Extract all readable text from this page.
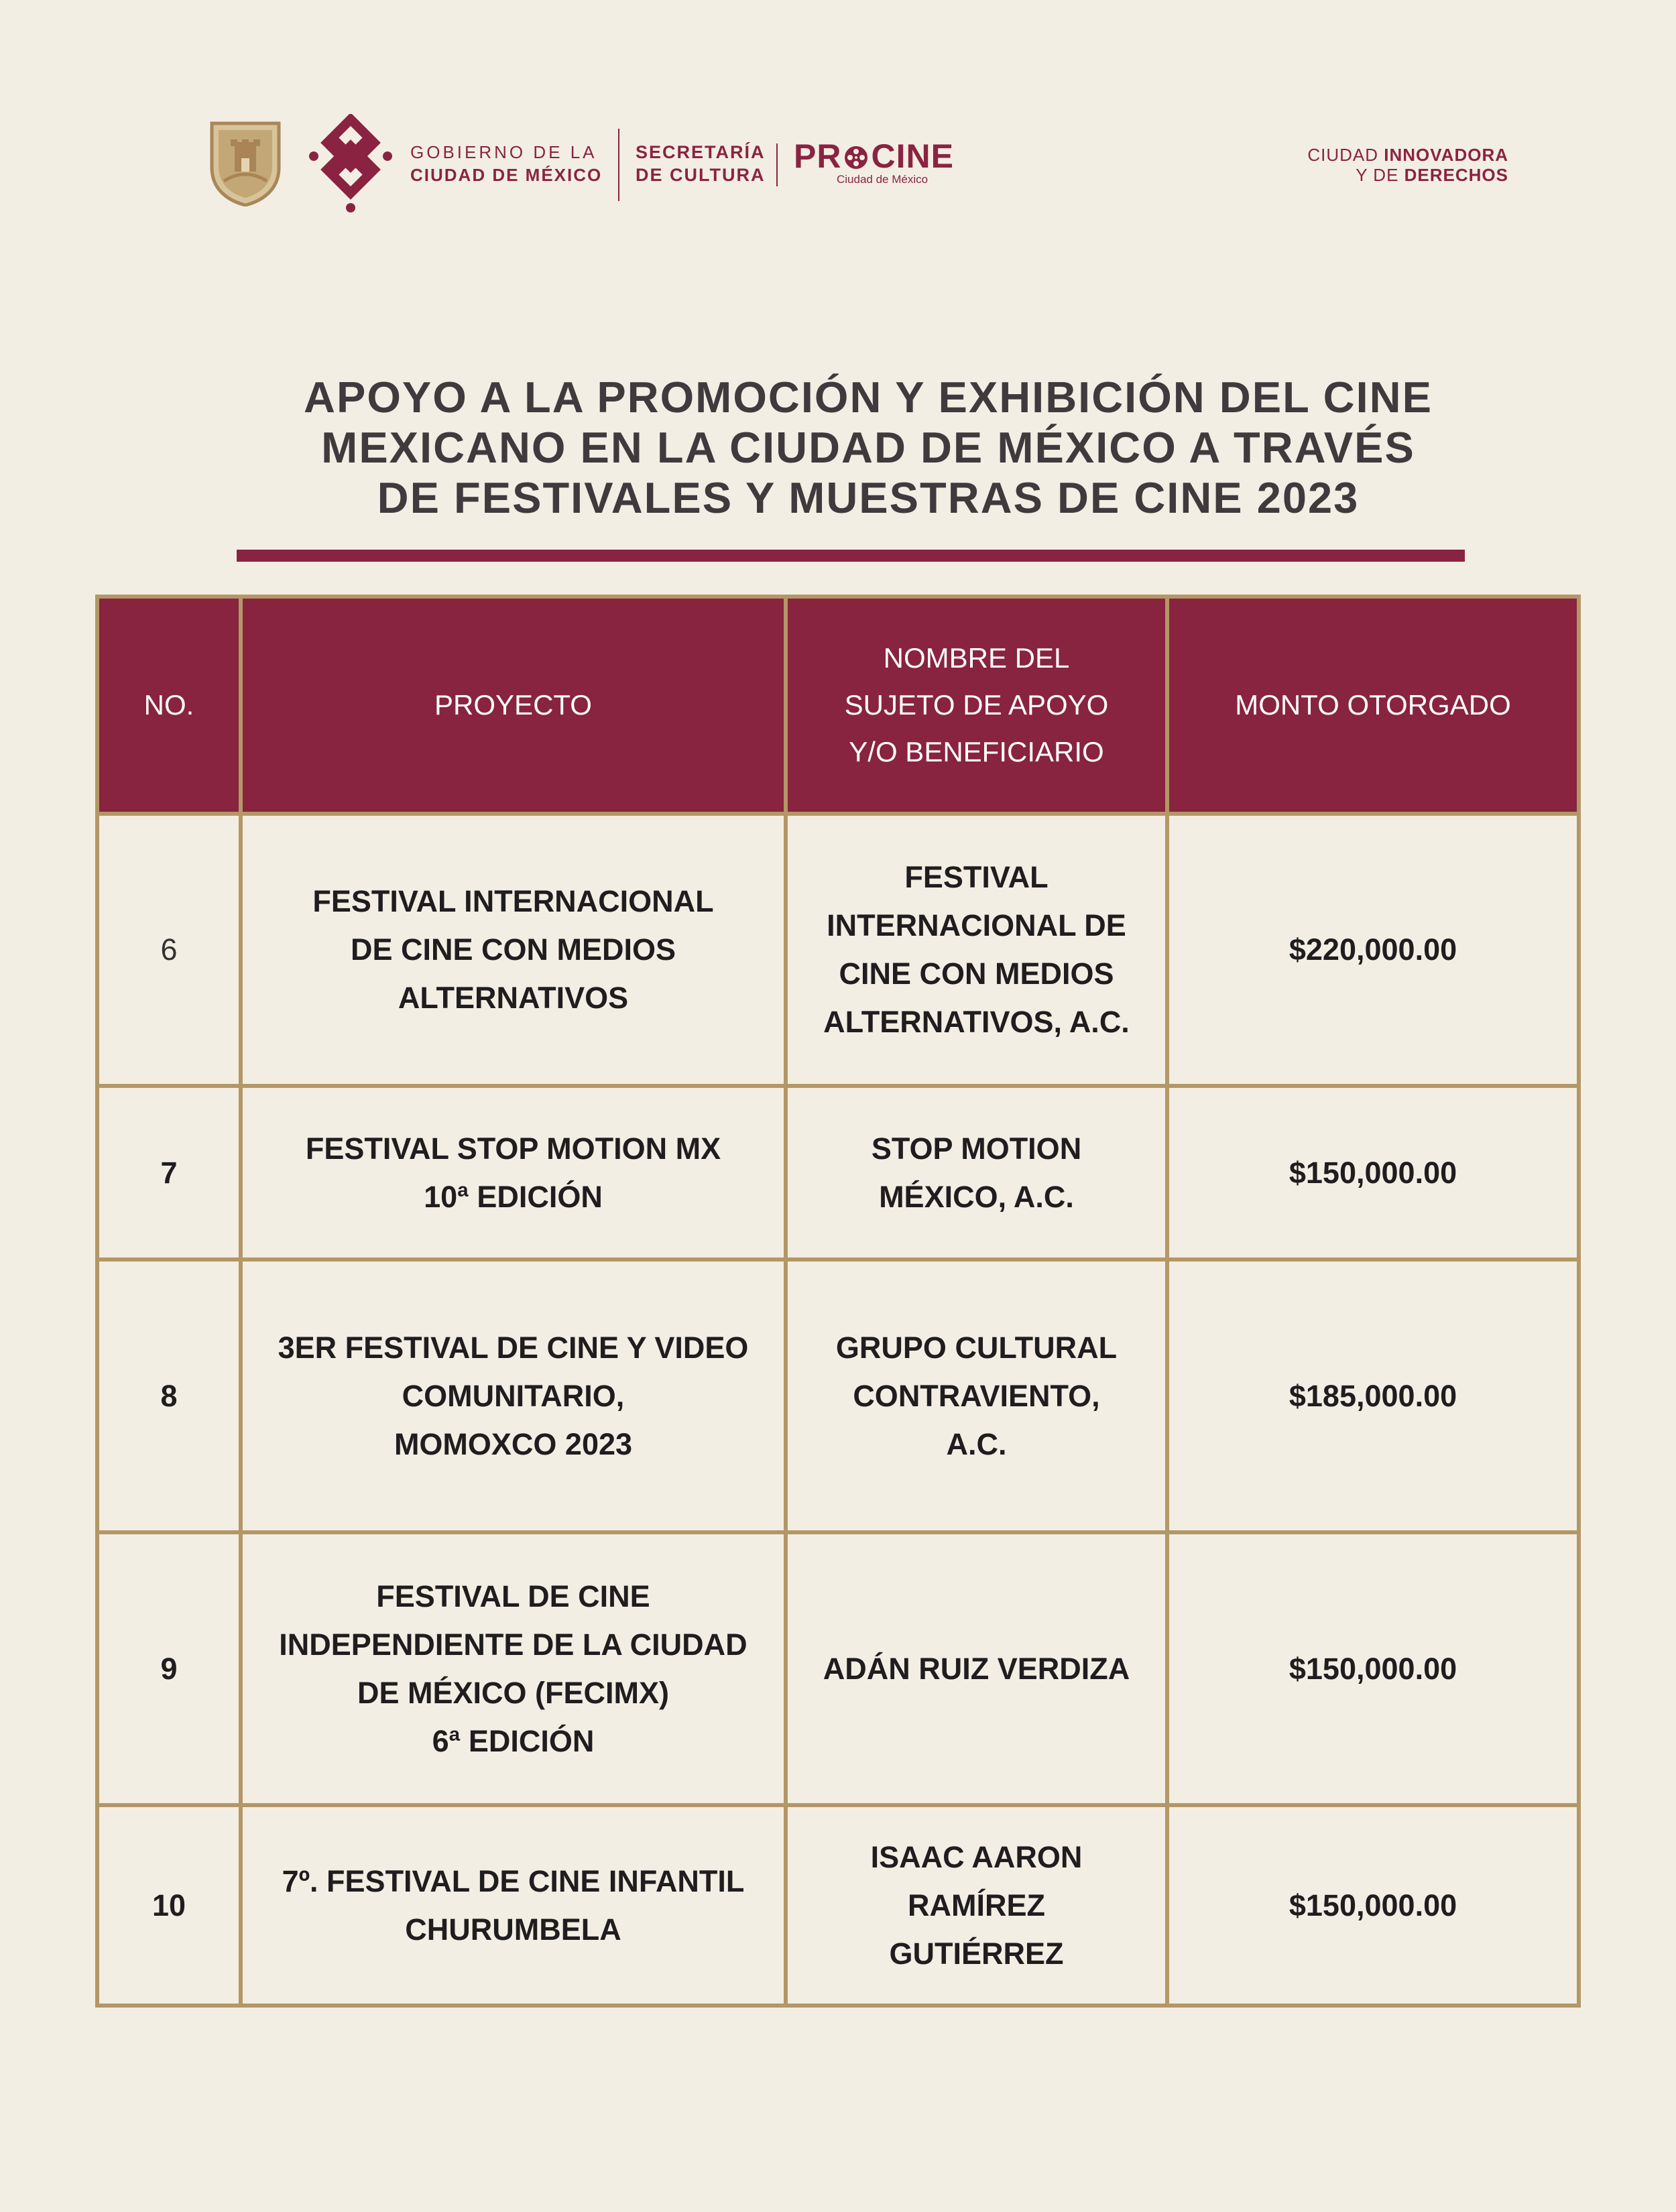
GOBIERNO DE LA
CIUDAD DE MÉXICO
SECRETARÍA
DE CULTURA PR CINE
Ciudad de México
CIUDAD INNOVADORA
Y DE DERECHOS
APOYO A LA PROMOCIÓN Y EXHIBICIÓN DEL CINE
MEXICANO EN LA CIUDAD DE MÉXICO A TRAVÉS
DE FESTIVALES Y MUESTRAS DE CINE 2023
NO.	PROYECTO
NOMBRE DEL
SUJETO DE APOYO
Y/O BENEFICIARIO
MONTO OTORGADO
6
FESTIVAL INTERNACIONAL
DE CINE CON MEDIOS
ALTERNATIVOS
FESTIVAL
INTERNACIONAL DE
CINE CON MEDIOS
ALTERNATIVOS, A.C.
$220,000.00
7
FESTIVAL STOP MOTION MX
10ª EDICIÓN
STOP MOTION
MÉXICO, A.C.
$150,000.00
8
3ER FESTIVAL DE CINE Y VIDEO
COMUNITARIO,
MOMOXCO 2023
GRUPO CULTURAL
CONTRAVIENTO,
A.C.
$185,000.00
9
FESTIVAL DE CINE
INDEPENDIENTE DE LA CIUDAD
DE MÉXICO (FECIMX)
6ª EDICIÓN
ADÁN RUIZ VERDIZA	$150,000.00
10
7º. FESTIVAL DE CINE INFANTIL
CHURUMBELA
ISAAC AARON
RAMÍREZ
GUTIÉRREZ
$150,000.00
